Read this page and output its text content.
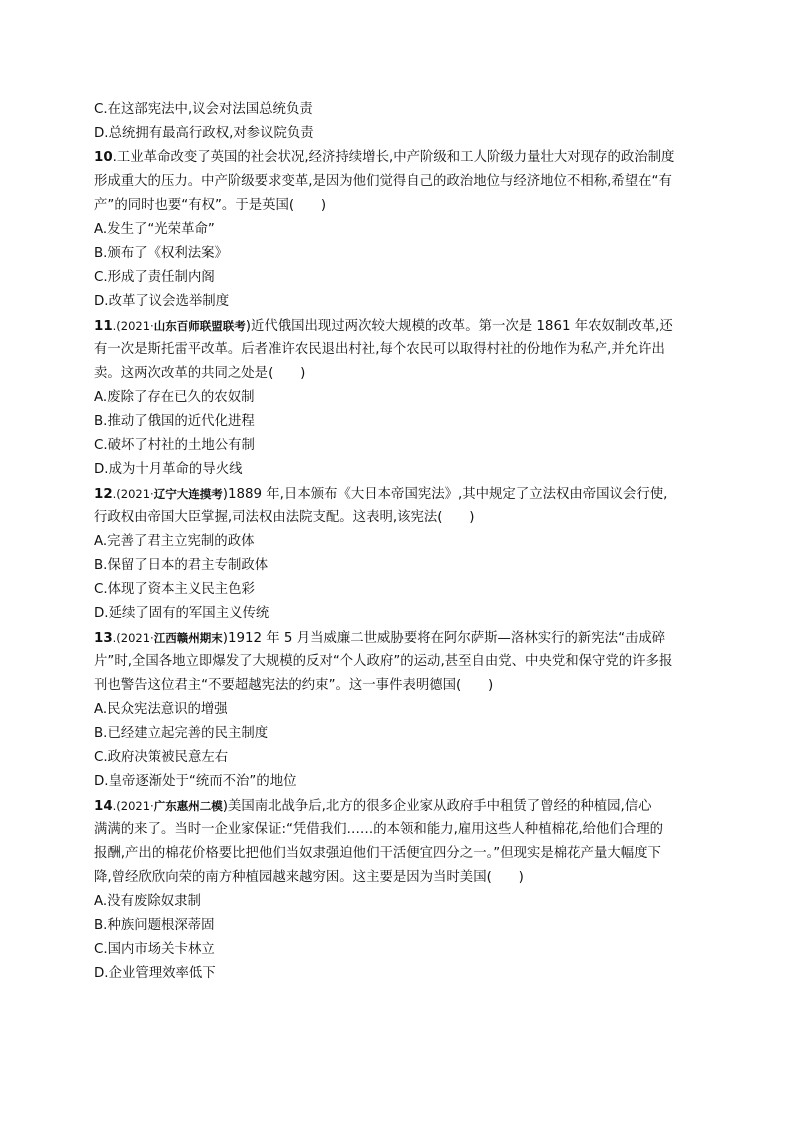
C.在这部宪法中,议会对法国总统负责
D.总统拥有最高行政权,对参议院负责
10.工业革命改变了英国的社会状况,经济持续增长,中产阶级和工人阶级力量壮大对现存的政治制度
形成重大的压力。中产阶级要求变革,是因为他们觉得自己的政治地位与经济地位不相称,希望在“有
产”的同时也要“有权”。于是英国(　　)
A.发生了“光荣革命”
B.颁布了《权利法案》
C.形成了责任制内阁
D.改革了议会选举制度
11.(2021·山东百师联盟联考)近代俄国出现过两次较大规模的改革。第一次是 1861 年农奴制改革,还
有一次是斯托雷平改革。后者准许农民退出村社,每个农民可以取得村社的份地作为私产,并允许出
卖。这两次改革的共同之处是(　　)
A.废除了存在已久的农奴制
B.推动了俄国的近代化进程
C.破坏了村社的土地公有制
D.成为十月革命的导火线
12.(2021·辽宁大连摸考)1889 年,日本颁布《大日本帝国宪法》,其中规定了立法权由帝国议会行使,
行政权由帝国大臣掌握,司法权由法院支配。这表明,该宪法(　　)
A.完善了君主立宪制的政体
B.保留了日本的君主专制政体
C.体现了资本主义民主色彩
D.延续了固有的军国主义传统
13.(2021·江西赣州期末)1912 年 5 月当威廉二世威胁要将在阿尔萨斯—洛林实行的新宪法“击成碎
片”时,全国各地立即爆发了大规模的反对“个人政府”的运动,甚至自由党、中央党和保守党的许多报
刊也警告这位君主“不要超越宪法的约束”。这一事件表明德国(　　)
A.民众宪法意识的增强
B.已经建立起完善的民主制度
C.政府决策被民意左右
D.皇帝逐渐处于“统而不治”的地位
14.(2021·广东惠州二模)美国南北战争后,北方的很多企业家从政府手中租赁了曾经的种植园,信心
满满的来了。当时一企业家保证:“凭借我们……的本领和能力,雇用这些人种植棉花,给他们合理的
报酬,产出的棉花价格要比把他们当奴隶强迫他们干活便宜四分之一。”但现实是棉花产量大幅度下
降,曾经欣欣向荣的南方种植园越来越穷困。这主要是因为当时美国(　　)
A.没有废除奴隶制
B.种族问题根深蒂固
C.国内市场关卡林立
D.企业管理效率低下
